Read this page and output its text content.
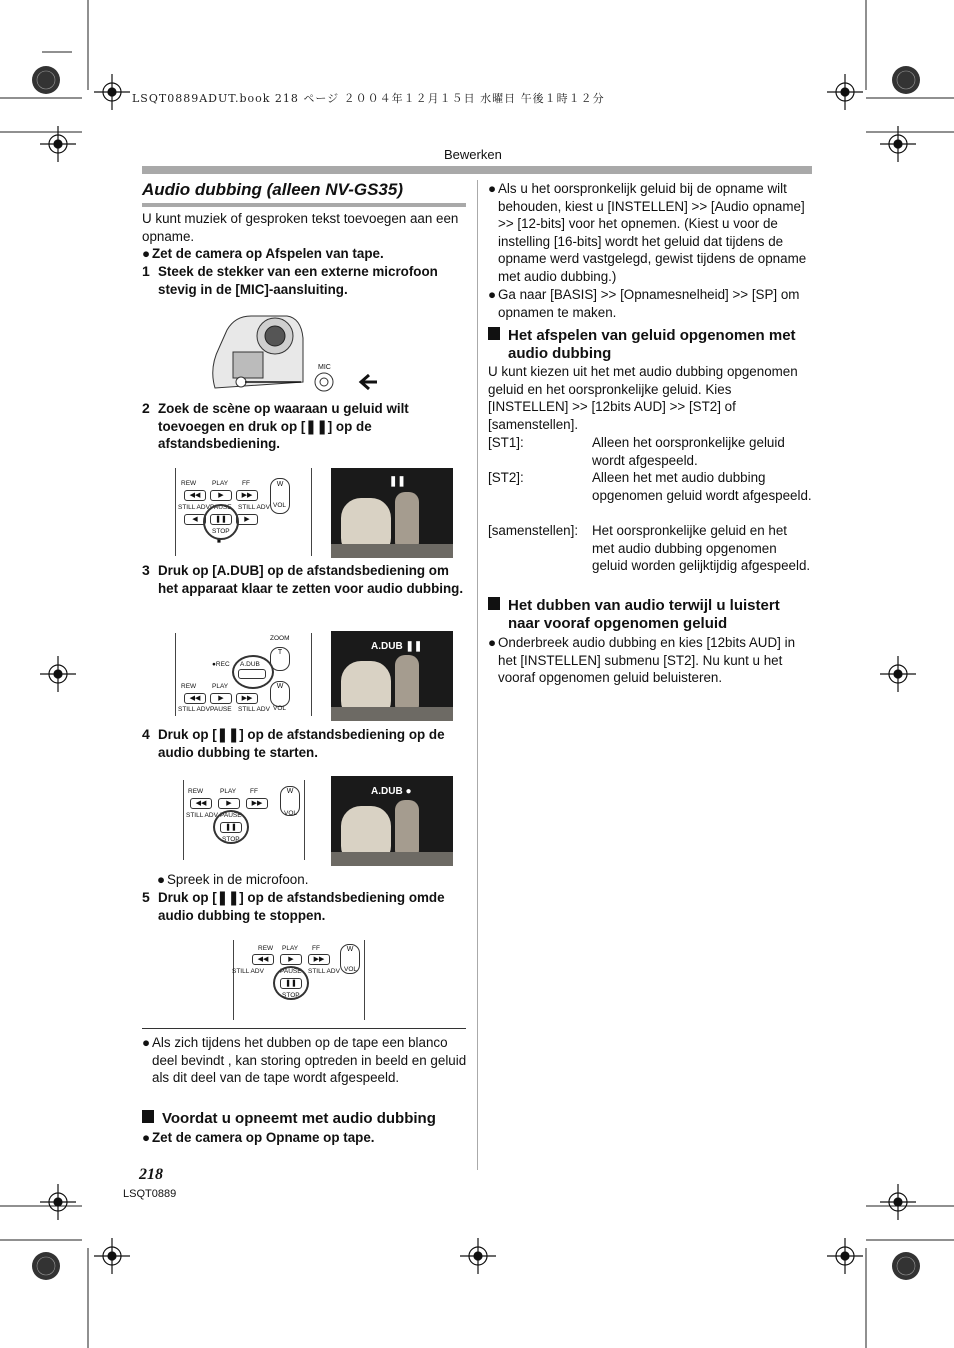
LSQT0889ADUT.book 218 ページ ２００４年１２月１５日 水曜日 午後１時１２分
Bewerken
Audio dubbing (alleen NV-GS35)
U kunt muziek of gesproken tekst toevoegen aan een opname.
● Zet de camera op Afspelen van tape.
1 Steek de stekker van een externe microfoon stevig in de [MIC]-aansluiting.
MIC
2 Zoek de scène op waaraan u geluid wilt toevoegen en druk op [❚❚] op de afstandsbediening.
REW PLAY FF
◀◀	▶	▶▶
STILL ADV PAUSE STILL ADV
◀	❚❚	▶
STOP
■
W
VOL
❚❚
3 Druk op [A.DUB] op de afstandsbediening om het apparaat klaar te zetten voor audio dubbing.
●REC A.DUB
REW PLAY
◀◀	▶	▶▶
STILL ADV PAUSE STILL ADV
ZOOM
T
W
VOL
A.DUB ❚❚
4 Druk op [❚❚] op de afstandsbediening op de audio dubbing te starten.
REW	PLAY FF
◀◀	▶	▶▶
STILL ADV PAUSE
❚❚
STOP
W
VOL
A.DUB ●
● Spreek in de microfoon.
5 Druk op [❚❚] op de afstandsbediening omde audio dubbing te stoppen.
REW PLAY FF
◀◀	▶	▶▶
STILL ADV PAUSE STILL ADV
❚❚
STOP
W
VOL
● Als zich tijdens het dubben op de tape een blanco deel bevindt , kan storing optreden in beeld en geluid als dit deel van de tape wordt afgespeeld.
Voordat u opneemt met audio dubbing
● Zet de camera op Opname op tape.
218
LSQT0889
● Als u het oorspronkelijk geluid bij de opname wilt behouden, kiest u [INSTELLEN] >> [Audio opname] >> [12-bits] voor het opnemen. (Kiest u voor de instelling [16-bits] wordt het geluid dat tijdens de opname werd vastgelegd, gewist tijdens de opname met audio dubbing.)
● Ga naar [BASIS] >> [Opnamesnelheid] >> [SP] om opnamen te maken.
Het afspelen van geluid opgenomen met audio dubbing
U kunt kiezen uit het met audio dubbing opgenomen geluid en het oorspronkelijke geluid. Kies [INSTELLEN] >> [12bits AUD] >> [ST2] of [samenstellen].
[ST1]:	Alleen het oorspronkelijke geluid wordt afgespeeld.
[ST2]:	Alleen het met audio dubbing opgenomen geluid wordt afgespeeld.
[samenstellen]:	Het oorspronkelijke geluid en het met audio dubbing opgenomen geluid worden gelijktijdig afgespeeld.
Het dubben van audio terwijl u luistert naar vooraf opgenomen geluid
● Onderbreek audio dubbing en kies [12bits AUD] in het [INSTELLEN] submenu [ST2]. Nu kunt u het vooraf opgenomen geluid beluisteren.
